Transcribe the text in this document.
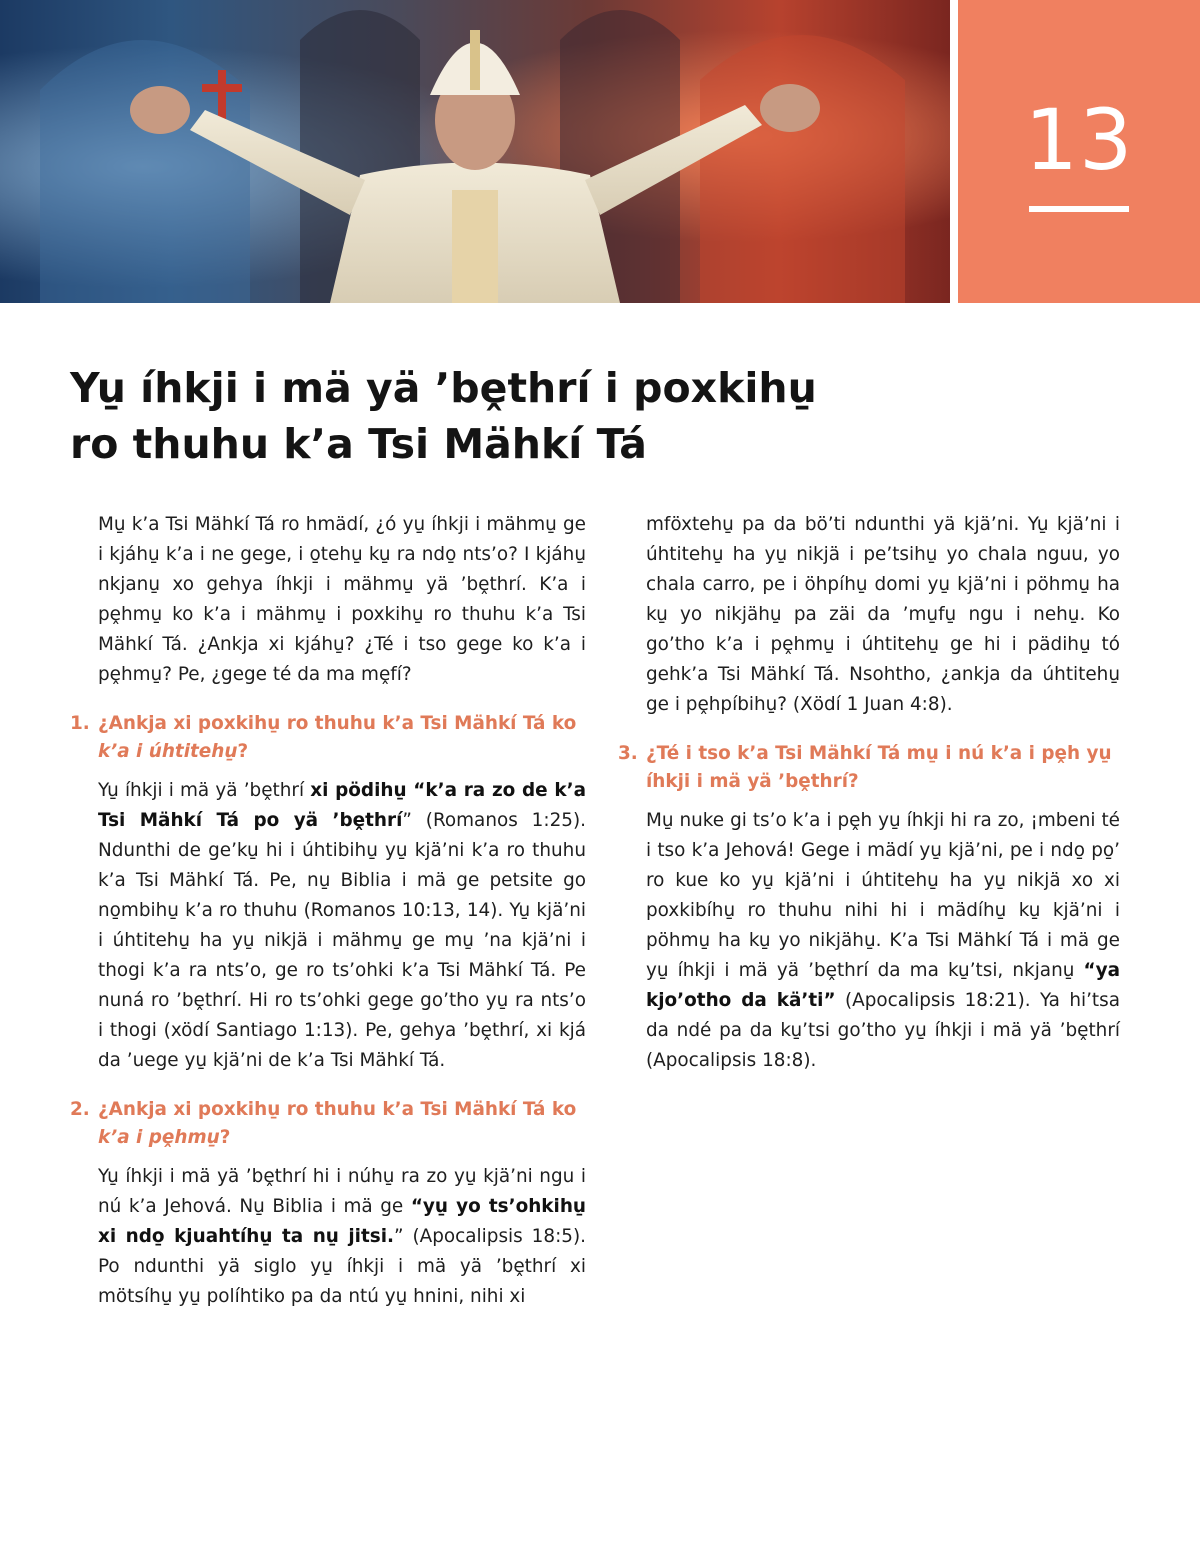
13
Yu̱ íhkji i mä yä ’bḙthrí i poxkihu̱
ro thuhu k’a Tsi Mähkí Tá

Mu̱ k’a Tsi Mähkí Tá ro hmädí, ¿ó yu̱ íhkji i mähmu̱ ge i kjáhu̱ k’a i ne gege, i o̱tehu̱ ku̱ ra ndo̱ nts’o? I kjáhu̱ nkjanu̱ xo gehya íhkji i mähmu̱ yä ’bḙthrí. K’a i pḙhmu̱ ko k’a i mähmu̱ i poxkihu̱ ro thuhu k’a Tsi Mähkí Tá. ¿Ankja xi kjáhu̱? ¿Té i tso gege ko k’a i pḙhmu̱? Pe, ¿gege té da ma mḙfí?

1. ¿Ankja xi poxkihu̱ ro thuhu k’a Tsi Mähkí Tá ko k’a i úhtitehu̱?

Yu̱ íhkji i mä yä ’bḙthrí xi pödihu̱ “k’a ra zo de k’a Tsi Mähkí Tá po yä ’bḙthrí” (Romanos 1:25). Ndunthi de ge’ku̱ hi i úhtibihu̱ yu̱ kjä’ni k’a ro thuhu k’a Tsi Mähkí Tá. Pe, nu̱ Biblia i mä ge petsite go no̱mbihu̱ k’a ro thuhu (Romanos 10:13, 14). Yu̱ kjä’ni i úhtitehu̱ ha yu̱ nikjä i mähmu̱ ge mu̱ ’na kjä’ni i thogi k’a ra nts’o, ge ro ts’ohki k’a Tsi Mähkí Tá. Pe nuná ro ’bḙthrí. Hi ro ts’ohki gege go’tho yu̱ ra nts’o i thogi (xödí Santiago 1:13). Pe, gehya ’bḙthrí, xi kjá da ’uege yu̱ kjä’ni de k’a Tsi Mähkí Tá.

2. ¿Ankja xi poxkihu̱ ro thuhu k’a Tsi Mähkí Tá ko k’a i pḙhmu̱?

Yu̱ íhkji i mä yä ’bḙthrí hi i núhu̱ ra zo yu̱ kjä’ni ngu i nú k’a Jehová. Nu̱ Biblia i mä ge “yu̱ yo ts’ohkihu̱ xi ndo̱ kjuahtíhu̱ ta nu̱ jitsi.” (Apocalipsis 18:5). Po ndunthi yä siglo yu̱ íhkji i mä yä ’bḙthrí xi mötsíhu̱ yu̱ políhtiko pa da ntú yu̱ hnini, nihi xi

mföxtehu̱ pa da bö’ti ndunthi yä kjä’ni. Yu̱ kjä’ni i úhtitehu̱ ha yu̱ nikjä i pe’tsihu̱ yo chala nguu, yo chala carro, pe i öhpíhu̱ domi yu̱ kjä’ni i pöhmu̱ ha ku̱ yo nikjähu̱ pa zäi da ’mu̱fu̱ ngu i nehu̱. Ko go’tho k’a i pḙhmu̱ i úhtitehu̱ ge hi i pädihu̱ tó gehk’a Tsi Mähkí Tá. Nsohtho, ¿ankja da úhtitehu̱ ge i pḙhpíbihu̱? (Xödí 1 Juan 4:8).

3. ¿Té i tso k’a Tsi Mähkí Tá mu̱ i nú k’a i pḙh yu̱ íhkji i mä yä ’bḙthrí?

Mu̱ nuke gi ts’o k’a i pḙh yu̱ íhkji hi ra zo, ¡mbeni té i tso k’a Jehová! Gege i mädí yu̱ kjä’ni, pe i ndo̱ po̱’ ro kue ko yu̱ kjä’ni i úhtitehu̱ ha yu̱ nikjä xo xi poxkibíhu̱ ro thuhu nihi hi i mädíhu̱ ku̱ kjä’ni i pöhmu̱ ha ku̱ yo nikjähu̱. K’a Tsi Mähkí Tá i mä ge yu̱ íhkji i mä yä ’bḙthrí da ma ku̱’tsi, nkjanu̱ “ya kjo’otho da kä’ti” (Apocalipsis 18:21). Ya hi’tsa da ndé pa da ku̱’tsi go’tho yu̱ íhkji i mä yä ’bḙthrí (Apocalipsis 18:8).
